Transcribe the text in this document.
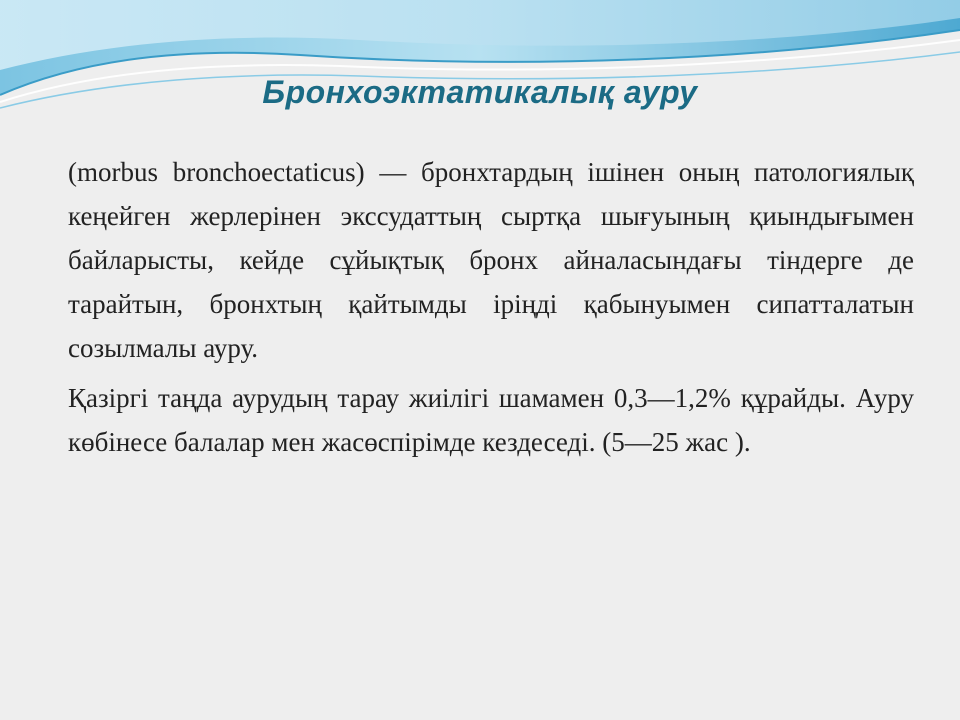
Бронхоэктатикалық ауру

(morbus bronchoectaticus) — бронхтардың ішінен оның патологиялық кеңейген жерлерінен экссудаттың сыртқа шығуының қиындығымен байларысты, кейде сұйықтық бронх айналасындағы тіндерге де тарайтын, бронхтың қайтымды іріңді қабынуымен сипатталатын созылмалы ауру.

Қазіргі таңда аурудың тарау жиілігі шамамен 0,3—1,2% құрайды. Ауру көбінесе балалар мен жасөспірімде кездеседі. (5—25 жас ).
